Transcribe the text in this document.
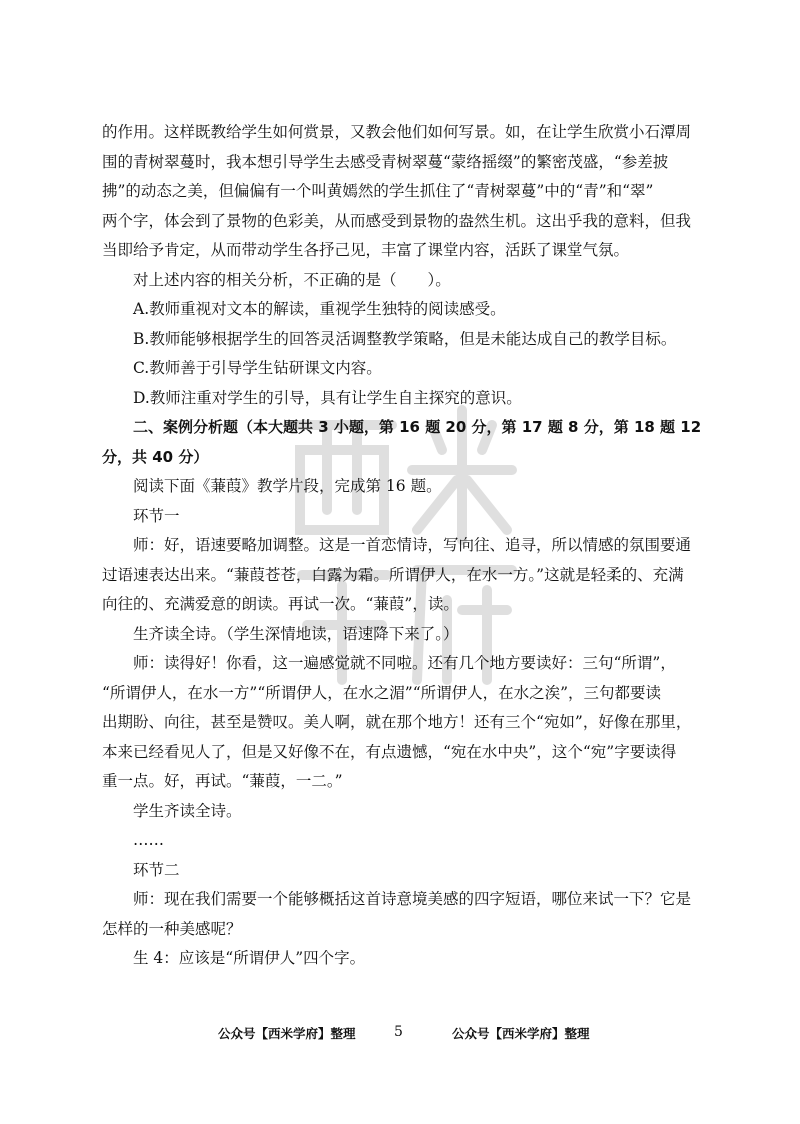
的作用。这样既教给学生如何赏景，又教会他们如何写景。如，在让学生欣赏小石潭周

围的青树翠蔓时，我本想引导学生去感受青树翠蔓“蒙络摇缀”的繁密茂盛，“参差披

拂”的动态之美，但偏偏有一个叫黄嫣然的学生抓住了“青树翠蔓”中的“青”和“翠”

两个字，体会到了景物的色彩美，从而感受到景物的盎然生机。这出乎我的意料，但我

当即给予肯定，从而带动学生各抒己见，丰富了课堂内容，活跃了课堂气氛。

对上述内容的相关分析，不正确的是（　　）。

A.教师重视对文本的解读，重视学生独特的阅读感受。

B.教师能够根据学生的回答灵活调整教学策略，但是未能达成自己的教学目标。

C.教师善于引导学生钻研课文内容。

D.教师注重对学生的引导，具有让学生自主探究的意识。

二、案例分析题（本大题共 3 小题，第 16 题 20 分，第 17 题 8 分，第 18 题 12

分，共 40 分）

阅读下面《蒹葭》教学片段，完成第 16 题。

环节一

师：好，语速要略加调整。这是一首恋情诗，写向往、追寻，所以情感的氛围要通

过语速表达出来。“蒹葭苍苍，白露为霜。所谓伊人，在水一方。”这就是轻柔的、充满

向往的、充满爱意的朗读。再试一次。“蒹葭”，读。

生齐读全诗。（学生深情地读，语速降下来了。）

师：读得好！你看，这一遍感觉就不同啦。还有几个地方要读好：三句“所谓”，

“所谓伊人，在水一方”“所谓伊人，在水之湄”“所谓伊人，在水之涘”，三句都要读

出期盼、向往，甚至是赞叹。美人啊，就在那个地方！还有三个“宛如”，好像在那里，

本来已经看见人了，但是又好像不在，有点遗憾，“宛在水中央”，这个“宛”字要读得

重一点。好，再试。“蒹葭，一二。”

学生齐读全诗。

……

环节二

师：现在我们需要一个能够概括这首诗意境美感的四字短语，哪位来试一下？它是

怎样的一种美感呢？

生 4：应该是“所谓伊人”四个字。

公众号【西米学府】整理	5	公众号【西米学府】整理
